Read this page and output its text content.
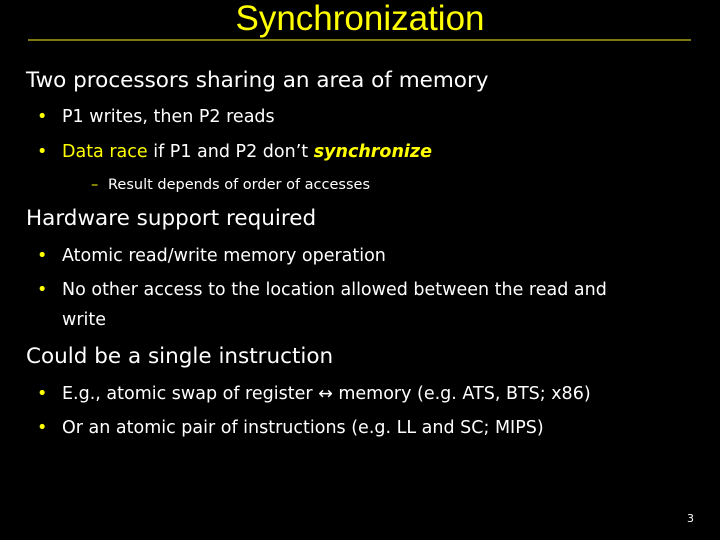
Synchronization
Two processors sharing an area of memory
• P1 writes, then P2 reads
• Data race if P1 and P2 don’t synchronize
– Result depends of order of accesses
Hardware support required
• Atomic read/write memory operation
• No other access to the location allowed between the read and
write
Could be a single instruction
• E.g., atomic swap of register ↔ memory (e.g. ATS, BTS; x86)
• Or an atomic pair of instructions (e.g. LL and SC; MIPS)
3
